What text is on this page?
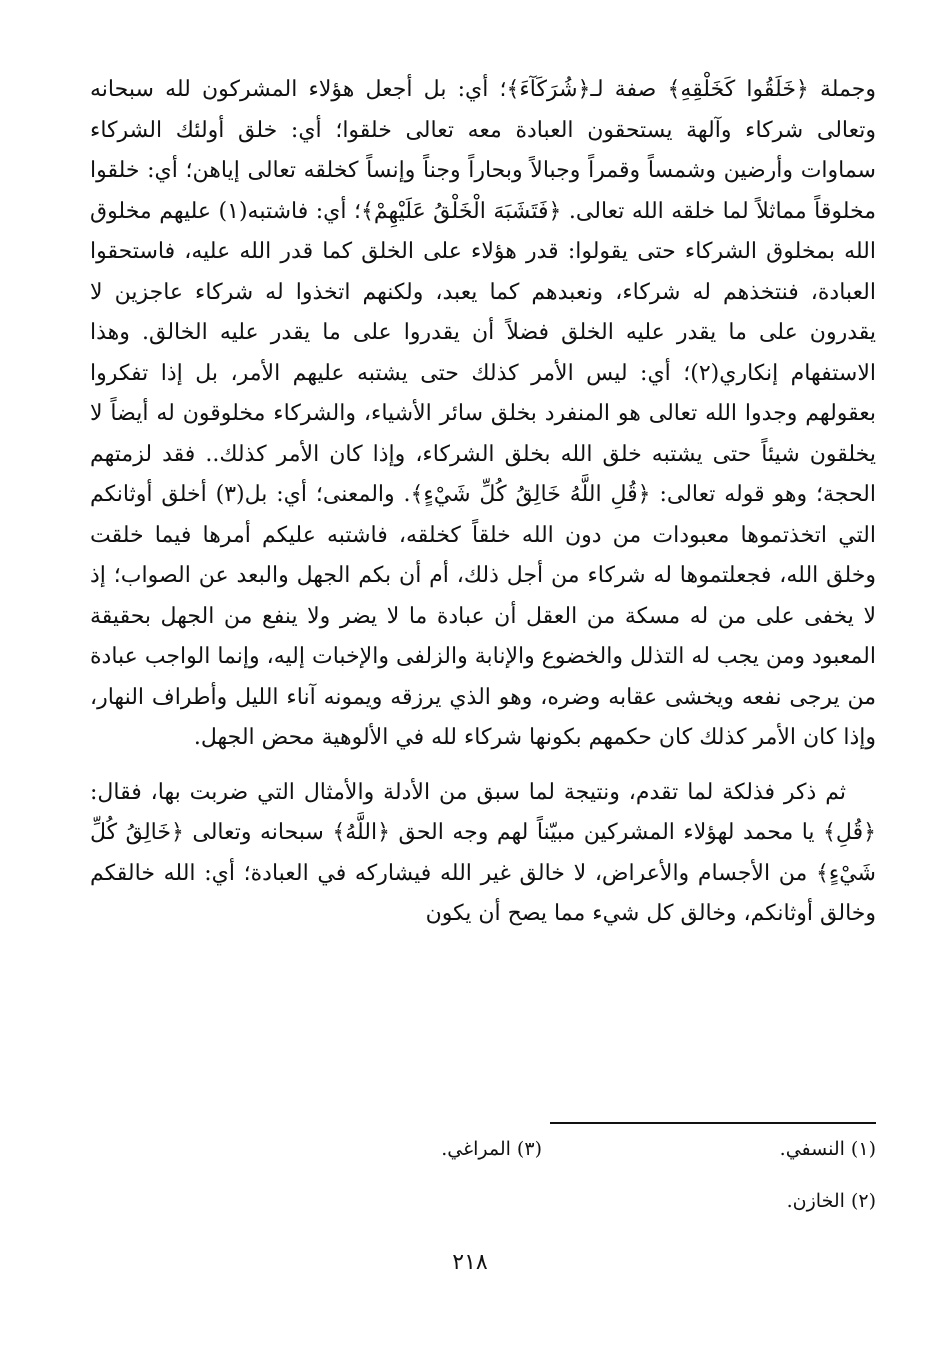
وجملة ﴿خَلَقُوا كَخَلْقِهِ﴾ صفة لـ﴿شُرَكَآءَ﴾؛ أي: بل أجعل هؤلاء المشركون لله سبحانه وتعالى شركاء وآلهة يستحقون العبادة معه تعالى خلقوا؛ أي: خلق أولئك الشركاء سماوات وأرضين وشمساً وقمراً وجبالاً وبحاراً وجناً وإنساً كخلقه تعالى إياهن؛ أي: خلقوا مخلوقاً مماثلاً لما خلقه الله تعالى. ﴿فَتَشَبَهَ الْخَلْقُ عَلَيْهِمْ﴾؛ أي: فاشتبه(١) عليهم مخلوق الله بمخلوق الشركاء حتى يقولوا: قدر هؤلاء على الخلق كما قدر الله عليه، فاستحقوا العبادة، فنتخذهم له شركاء، ونعبدهم كما يعبد، ولكنهم اتخذوا له شركاء عاجزين لا يقدرون على ما يقدر عليه الخلق فضلاً أن يقدروا على ما يقدر عليه الخالق. وهذا الاستفهام إنكاري(٢)؛ أي: ليس الأمر كذلك حتى يشتبه عليهم الأمر، بل إذا تفكروا بعقولهم وجدوا الله تعالى هو المنفرد بخلق سائر الأشياء، والشركاء مخلوقون له أيضاً لا يخلقون شيئاً حتى يشتبه خلق الله بخلق الشركاء، وإذا كان الأمر كذلك.. فقد لزمتهم الحجة؛ وهو قوله تعالى: ﴿قُلِ اللَّهُ خَالِقُ كُلِّ شَيْءٍ﴾. والمعنى؛ أي: بل(٣) أخلق أوثانكم التي اتخذتموها معبودات من دون الله خلقاً كخلقه، فاشتبه عليكم أمرها فيما خلقت وخلق الله، فجعلتموها له شركاء من أجل ذلك، أم أن بكم الجهل والبعد عن الصواب؛ إذ لا يخفى على من له مسكة من العقل أن عبادة ما لا يضر ولا ينفع من الجهل بحقيقة المعبود ومن يجب له التذلل والخضوع والإنابة والزلفى والإخبات إليه، وإنما الواجب عبادة من يرجى نفعه ويخشى عقابه وضره، وهو الذي يرزقه ويمونه آناء الليل وأطراف النهار، وإذا كان الأمر كذلك كان حكمهم بكونها شركاء لله في الألوهية محض الجهل.

ثم ذكر فذلكة لما تقدم، ونتيجة لما سبق من الأدلة والأمثال التي ضربت بها، فقال: ﴿قُلِ﴾ يا محمد لهؤلاء المشركين مبيّناً لهم وجه الحق ﴿اللَّهُ﴾ سبحانه وتعالى ﴿خَالِقُ كُلِّ شَيْءٍ﴾ من الأجسام والأعراض، لا خالق غير الله فيشاركه في العبادة؛ أي: الله خالقكم وخالق أوثانكم، وخالق كل شيء مما يصح أن يكون

(١) النسفي.
(٣) المراغي.
(٢) الخازن.
٢١٨
